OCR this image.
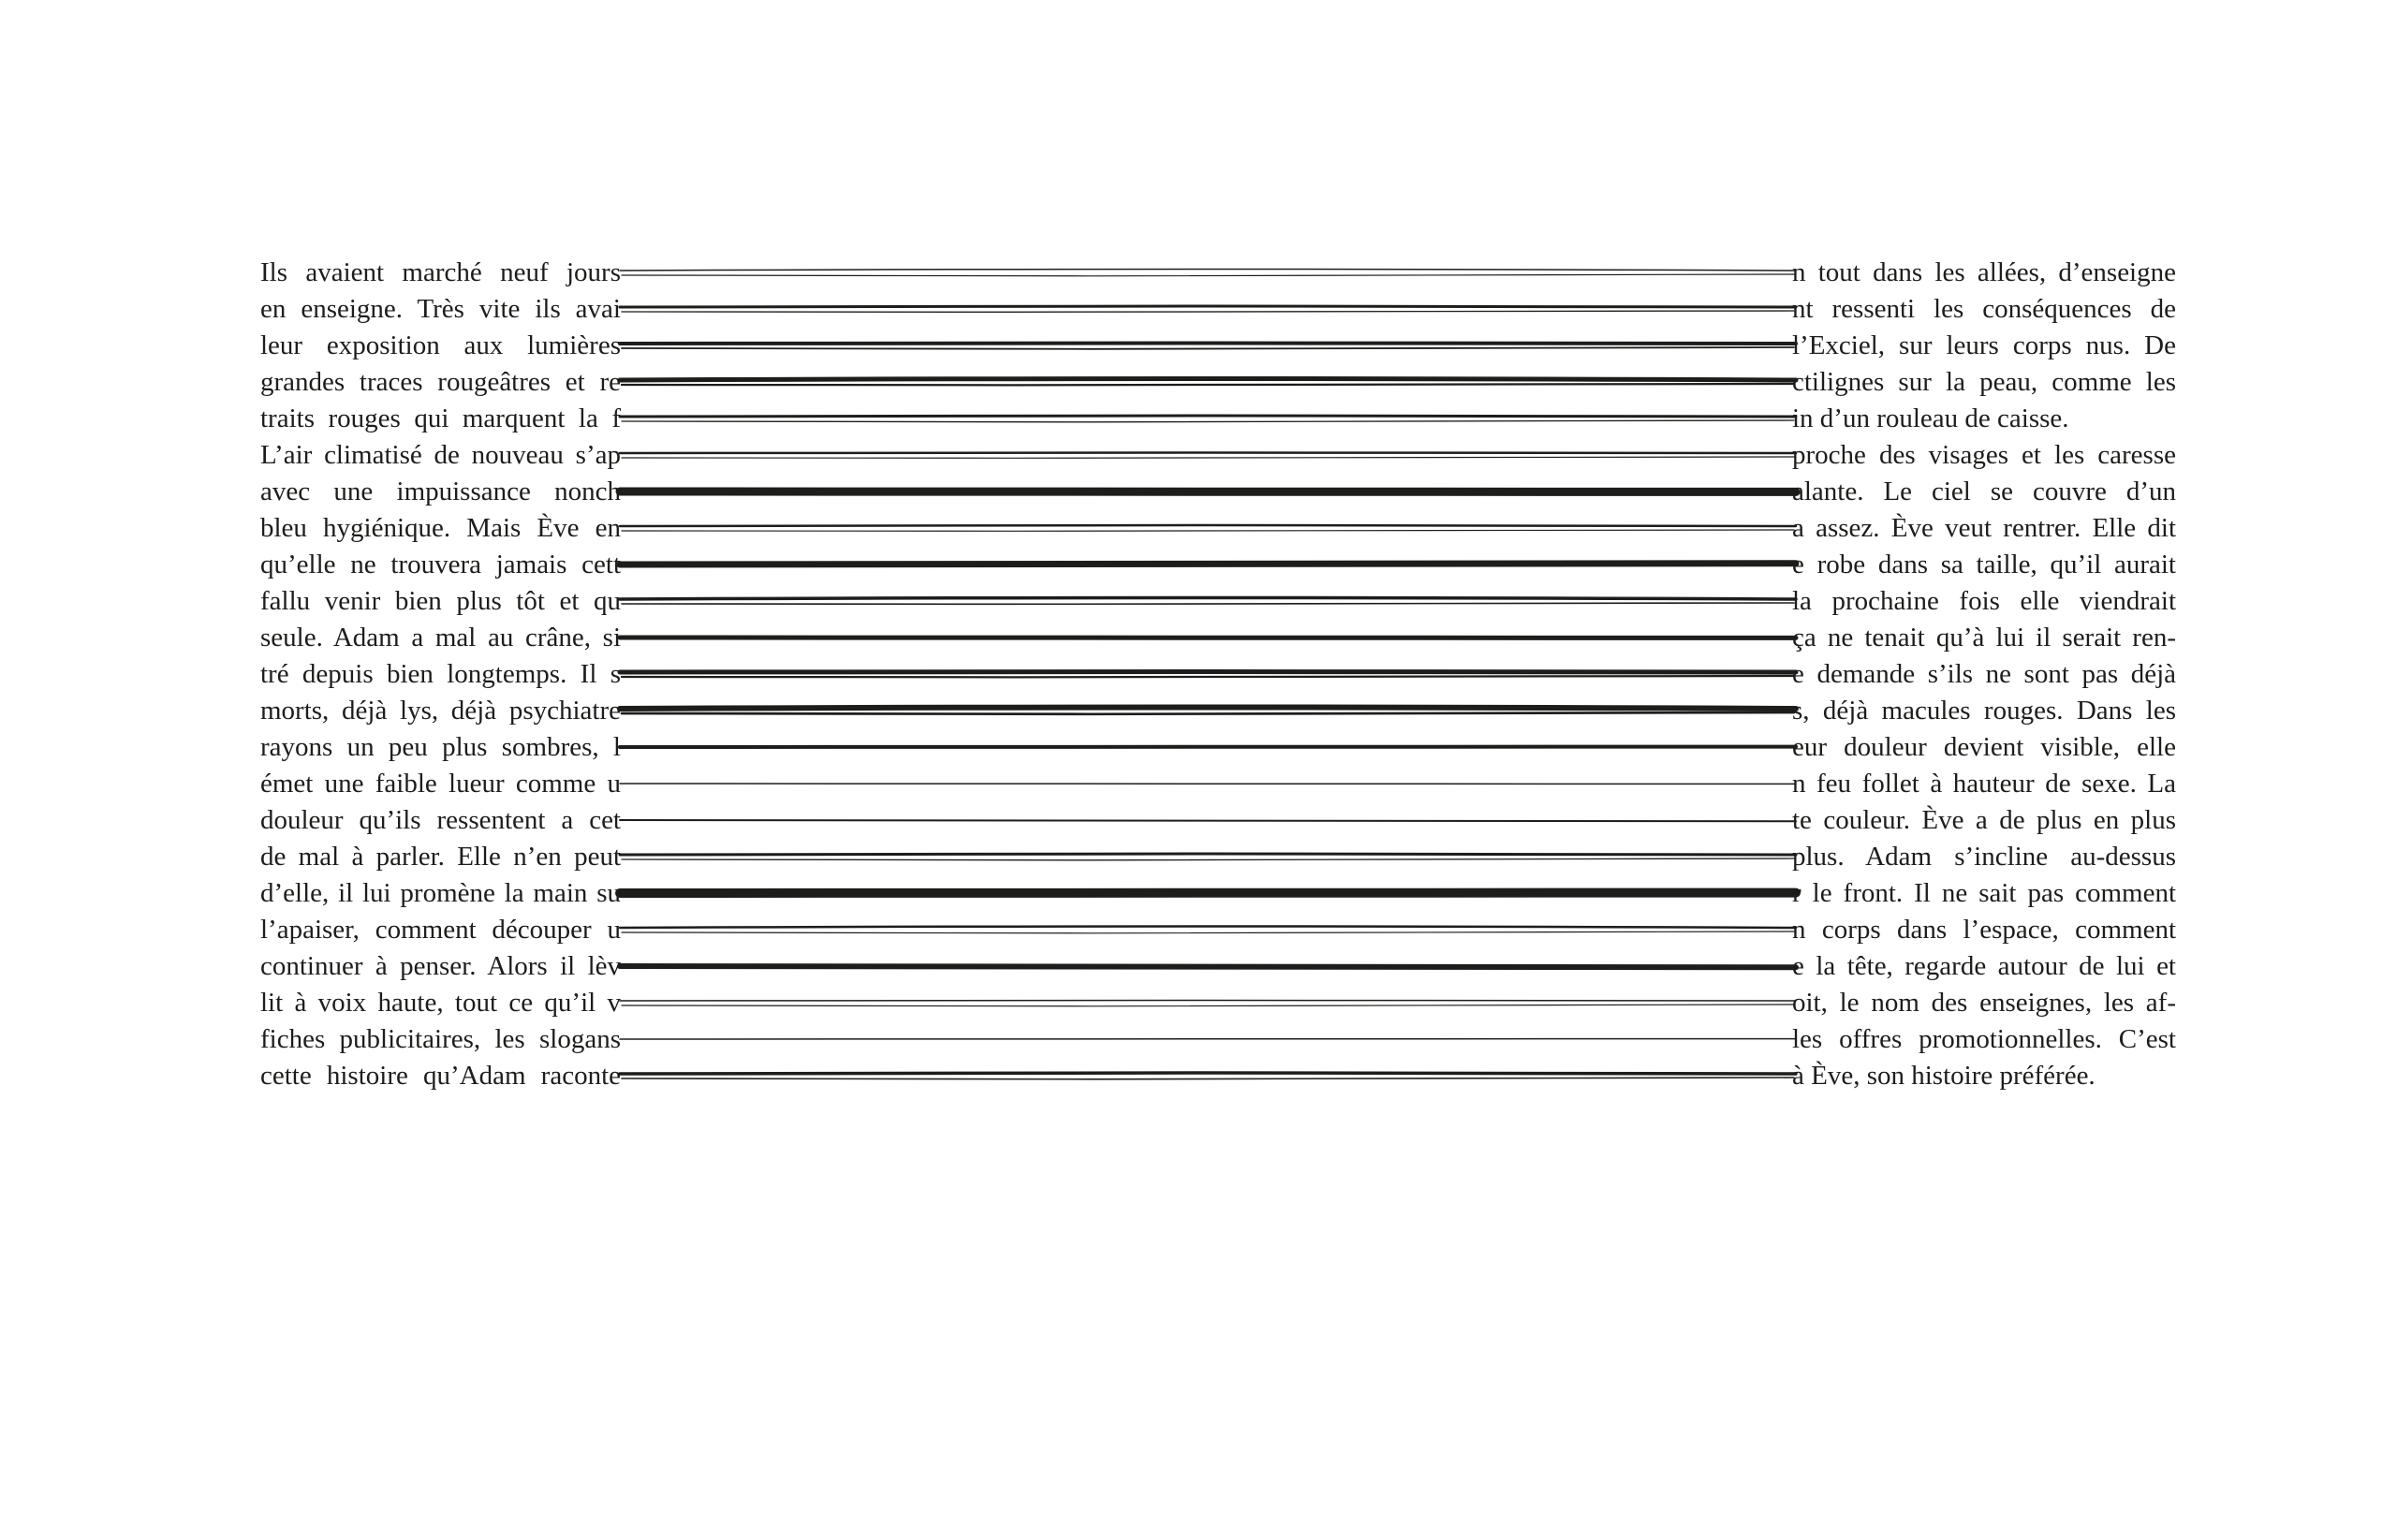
Ils avaient marché neuf jours	n tout dans les allées, d’enseigne
en enseigne. Très vite ils avai	nt ressenti les conséquences de
leur exposition aux lumières	l’Exciel, sur leurs corps nus. De
grandes traces rougeâtres et re	ctilignes sur la peau, comme les
traits rouges qui marquent la f	in d’un rouleau de caisse.
L’air climatisé de nouveau s’ap	proche des visages et les caresse
avec une impuissance nonch	alante. Le ciel se couvre d’un
bleu hygiénique. Mais Ève en	a assez. Ève veut rentrer. Elle dit
qu’elle ne trouvera jamais cett	e robe dans sa taille, qu’il aurait
fallu venir bien plus tôt et qu	la prochaine fois elle viendrait
seule. Adam a mal au crâne, si	ça ne tenait qu’à lui il serait ren-
tré depuis bien longtemps. Il s	e demande s’ils ne sont pas déjà
morts, déjà lys, déjà psychiatre	s, déjà macules rouges. Dans les
rayons un peu plus sombres, l	eur douleur devient visible, elle
émet une faible lueur comme u	n feu follet à hauteur de sexe. La
douleur qu’ils ressentent a cet	te couleur. Ève a de plus en plus
de mal à parler. Elle n’en peut	plus. Adam s’incline au-dessus
d’elle, il lui promène la main su	r le front. Il ne sait pas comment
l’apaiser, comment découper u	n corps dans l’espace, comment
continuer à penser. Alors il lèv	e la tête, regarde autour de lui et
lit à voix haute, tout ce qu’il v	oit, le nom des enseignes, les af-
fiches publicitaires, les slogans	les offres promotionnelles. C’est
cette histoire qu’Adam raconte	à Ève, son histoire préférée.
